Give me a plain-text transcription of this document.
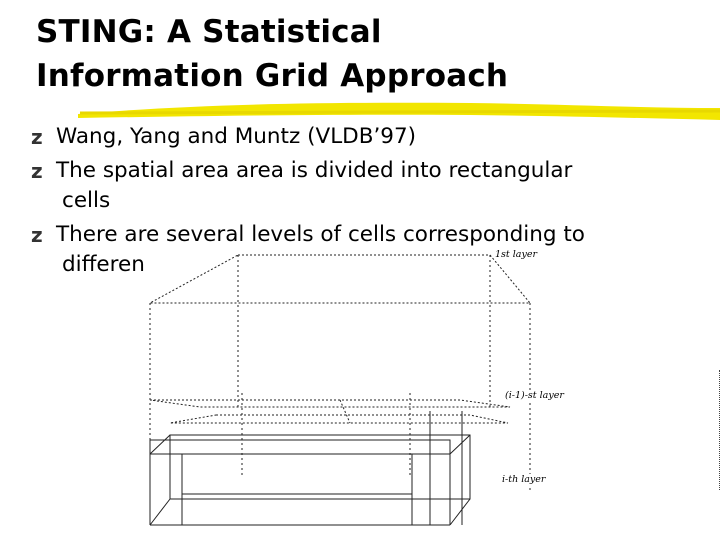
STING: A Statistical
Information Grid Approach
z Wang, Yang and Muntz (VLDB’97)
z The spatial area area is divided into rectangular
cells
z There are several levels of cells corresponding to
differen	1st layer
(i-1)-st layer
i-th layer
